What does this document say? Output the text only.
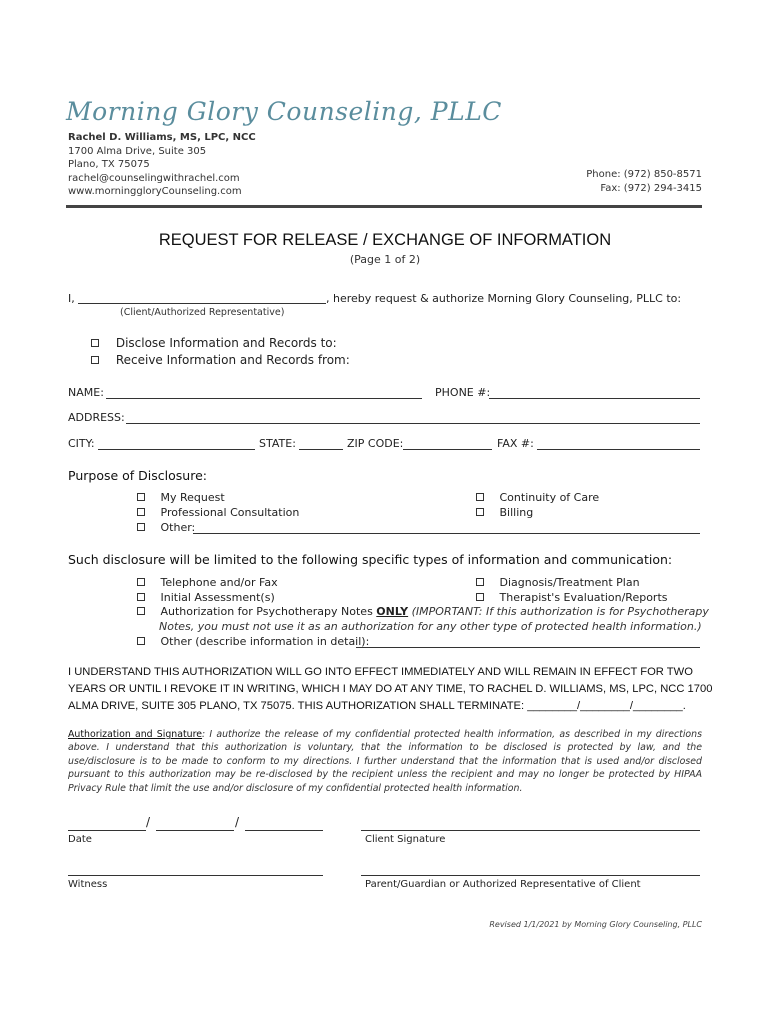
Morning Glory Counseling, PLLC
Rachel D. Williams, MS, LPC, NCC
1700 Alma Drive, Suite 305
Plano, TX 75075
rachel@counselingwithrachel.com
www.morninggloryCounseling.com
Phone: (972) 850-8571
Fax: (972) 294-3415
REQUEST FOR RELEASE / EXCHANGE OF INFORMATION
(Page 1 of 2)
I,	, hereby request & authorize Morning Glory Counseling, PLLC to:
(Client/Authorized Representative)
Disclose Information and Records to:
Receive Information and Records from:
NAME:	PHONE #:
ADDRESS:
CITY:	STATE:	ZIP CODE:	FAX #:
Purpose of Disclosure:
My Request
Professional Consultation
Other:
Continuity of Care
Billing
Such disclosure will be limited to the following specific types of information and communication:
Telephone and/or Fax
Initial Assessment(s)
Diagnosis/Treatment Plan
Therapist's Evaluation/Reports
Authorization for Psychotherapy Notes ONLY (IMPORTANT: If this authorization is for Psychotherapy
Notes, you must not use it as an authorization for any other type of protected health information.)
Other (describe information in detail):
I UNDERSTAND THIS AUTHORIZATION WILL GO INTO EFFECT IMMEDIATELY AND WILL REMAIN IN EFFECT FOR TWO
YEARS OR UNTIL I REVOKE IT IN WRITING, WHICH I MAY DO AT ANY TIME, TO RACHEL D. WILLIAMS, MS, LPC, NCC 1700
ALMA DRIVE, SUITE 305 PLANO, TX 75075. THIS AUTHORIZATION SHALL TERMINATE: ________/________/________.
Authorization and Signature: I authorize the release of my confidential protected health information, as described in my directions above. I understand that this authorization is voluntary, that the information to be disclosed is protected by law, and the use/disclosure is to be made to conform to my directions. I further understand that the information that is used and/or disclosed pursuant to this authorization may be re-disclosed by the recipient unless the recipient and may no longer be protected by HIPAA Privacy Rule that limit the use and/or disclosure of my confidential protected health information.
/	/
Date	Client Signature
Witness	Parent/Guardian or Authorized Representative of Client
Revised 1/1/2021 by Morning Glory Counseling, PLLC
